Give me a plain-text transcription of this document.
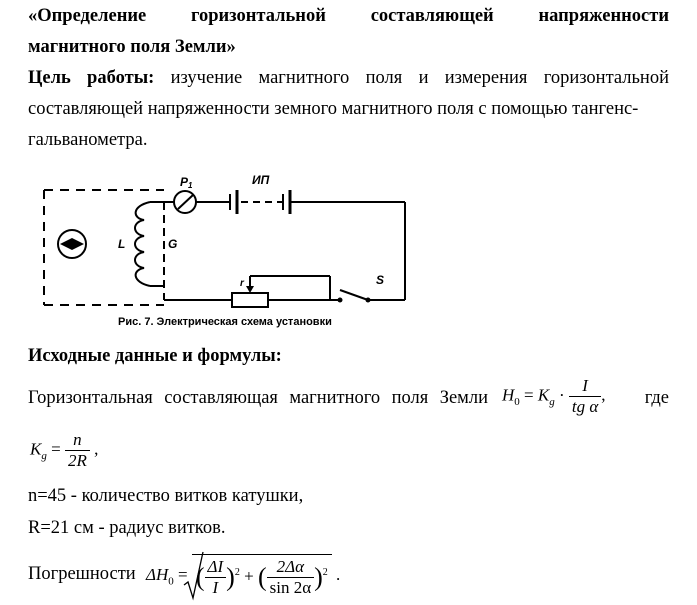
«Определение горизонтальной составляющей напряженности
магнитного поля Земли»
Цель работы: изучение магнитного поля и измерения горизонтальной
составляющей напряженности земного магнитного поля с помощью тангенс-
гальванометра.
P1	ИП
L	G
r	S
Рис. 7. Электрическая схема установки
Исходные данные и формулы:
Горизонтальная составляющая магнитного поля Земли $H_0 = K_g \cdot \frac{I}{\text{tg α}}$ , где
$K_g = \frac{n}{2R}$ ,
n=45 - количество витков катушки,
R=21 см - радиус витков.
Погрешности $\Delta H_0$ = ( $\frac{\Delta I}{I} )^2$ + ( $\frac{2\Delta\alpha}{\sin 2\alpha} )^2$ .
